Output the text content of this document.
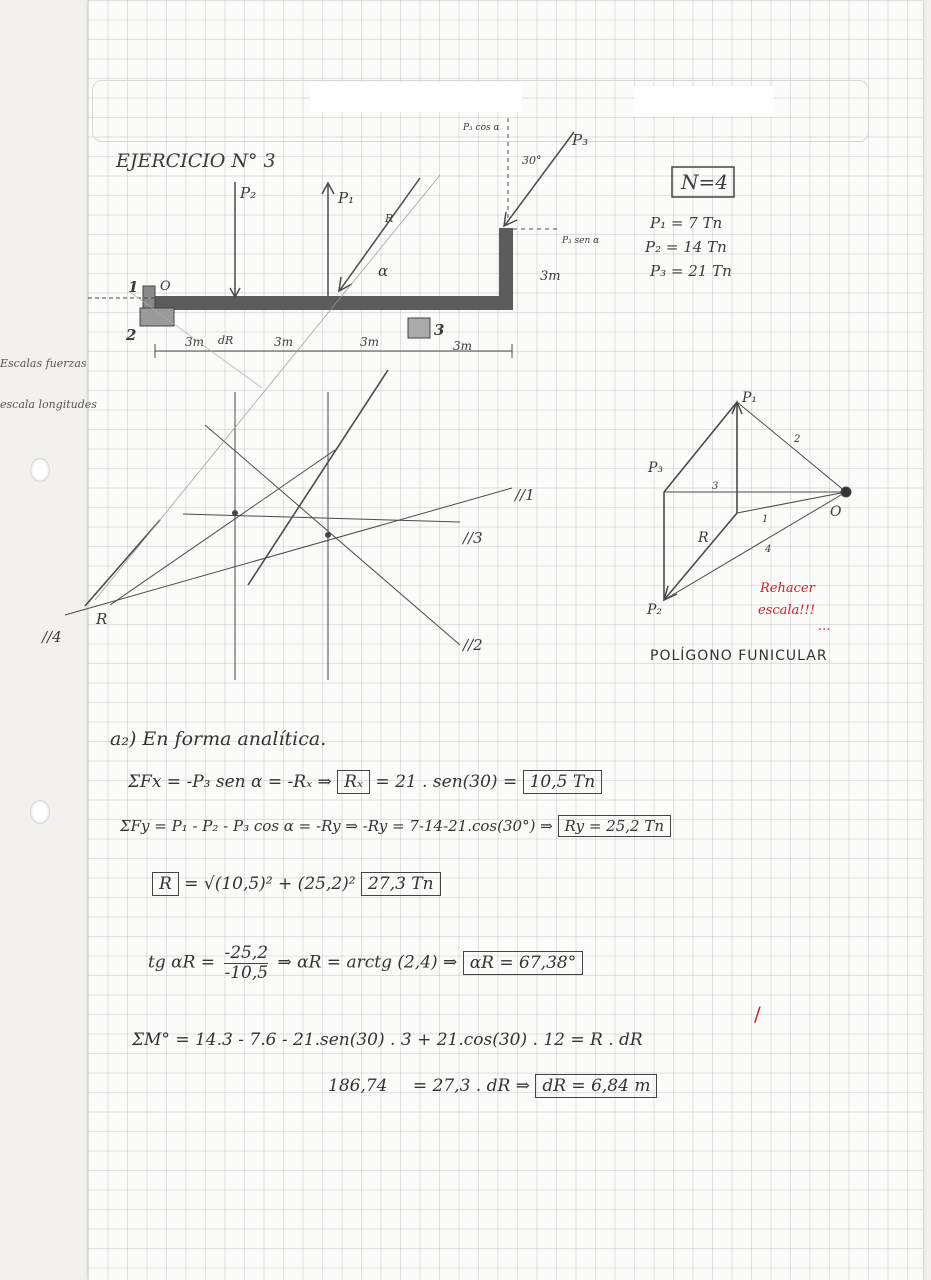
Escalas fuerzas
escala longitudes
EJERCICIO N° 3
N=4
P₁ = 7 Tn
P₂ = 14 Tn
P₃ = 21 Tn
P₂	P₁
P₃
O
α
R
1
2	3
P₃ cos α
P₃ sen α
30°
3m
3m	3m	3m	3m
dR
//1
//2
//3
//4
R
P₁
P₂
P₃
O
R
1
2
3
4
POLÍGONO FUNICULAR
Rehacer
escala!!!
...
a₂) En forma analítica.
ΣFx = -P₃ sen α = -Rₓ ⇒ Rₓ = 21 . sen(30) = 10,5 Tn
ΣFy = P₁ - P₂ - P₃ cos α = -Ry ⇒ -Ry = 7-14-21.cos(30°) ⇒ Ry = 25,2 Tn
R = √(10,5)² + (25,2)² 27,3 Tn
tg $\alpha R = \frac{-25,2}{-10,5}$ ⇒ αR = arctg (2,4) ⇒ αR = 67,38°
ΣM° = 14.3 - 7.6 - 21.sen(30) . 3 + 21.cos(30) . 12 = R . dR
186,74 = 27,3 . dR ⇒ dR = 6,84 m
/
